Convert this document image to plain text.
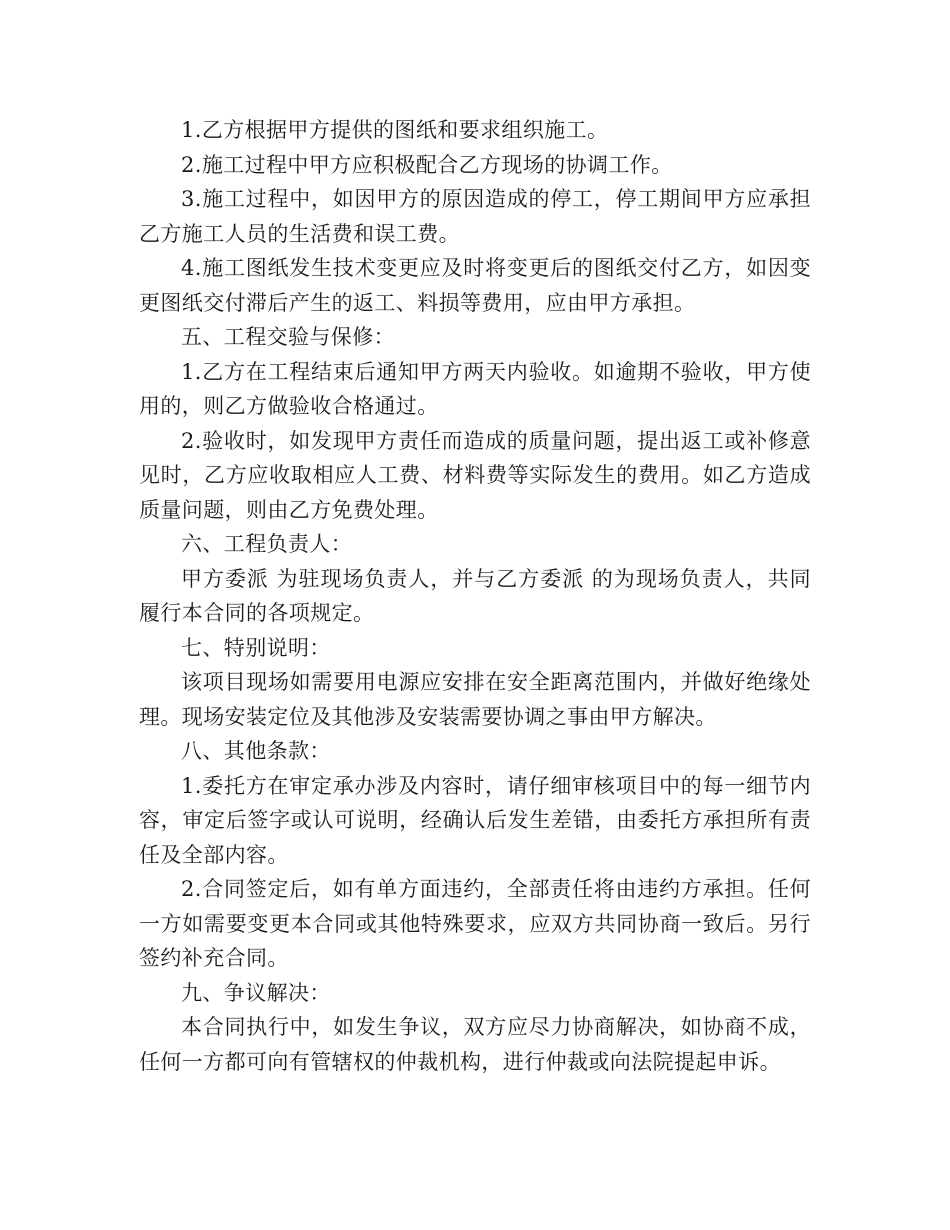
1.乙方根据甲方提供的图纸和要求组织施工。

2.施工过程中甲方应积极配合乙方现场的协调工作。

3.施工过程中，如因甲方的原因造成的停工，停工期间甲方应承担乙方施工人员的生活费和误工费。

4.施工图纸发生技术变更应及时将变更后的图纸交付乙方，如因变更图纸交付滞后产生的返工、料损等费用，应由甲方承担。

五、工程交验与保修：

1.乙方在工程结束后通知甲方两天内验收。如逾期不验收，甲方使用的，则乙方做验收合格通过。

2.验收时，如发现甲方责任而造成的质量问题，提出返工或补修意见时，乙方应收取相应人工费、材料费等实际发生的费用。如乙方造成质量问题，则由乙方免费处理。

六、工程负责人：

甲方委派 为驻现场负责人，并与乙方委派 的为现场负责人，共同履行本合同的各项规定。

七、特别说明：

该项目现场如需要用电源应安排在安全距离范围内，并做好绝缘处理。现场安装定位及其他涉及安装需要协调之事由甲方解决。

八、其他条款：

1.委托方在审定承办涉及内容时，请仔细审核项目中的每一细节内容，审定后签字或认可说明，经确认后发生差错，由委托方承担所有责任及全部内容。

2.合同签定后，如有单方面违约，全部责任将由违约方承担。任何一方如需要变更本合同或其他特殊要求，应双方共同协商一致后。另行签约补充合同。

九、争议解决：

本合同执行中，如发生争议，双方应尽力协商解决，如协商不成，任何一方都可向有管辖权的仲裁机构，进行仲裁或向法院提起申诉。
